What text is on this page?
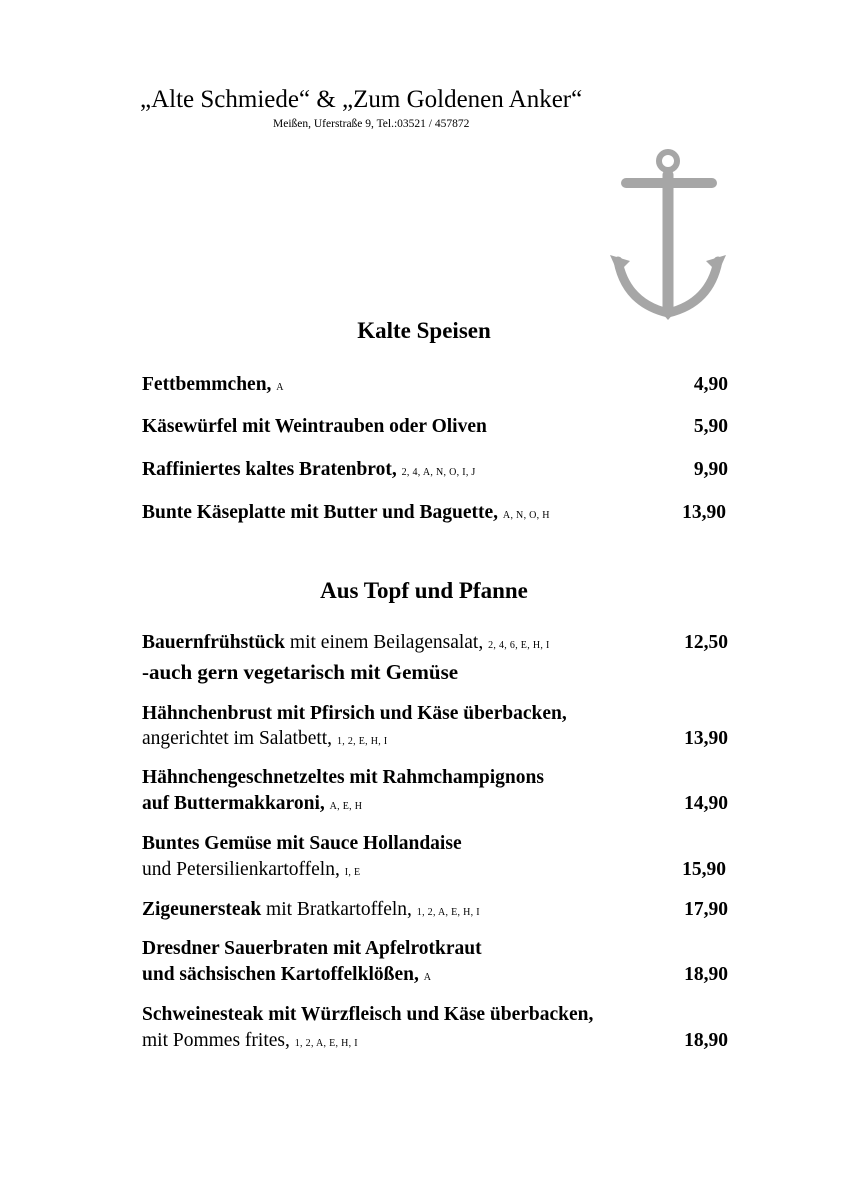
„Alte Schmiede“ & „Zum Goldenen Anker“
Meißen, Uferstraße 9, Tel.:03521 / 457872
Kalte Speisen
Fettbemmchen, A	4,90
Käsewürfel mit Weintrauben oder Oliven	5,90
Raffiniertes kaltes Bratenbrot, 2, 4, A, N, O, I, J	9,90
Bunte Käseplatte mit Butter und Baguette, A, N, O, H	13,90
Aus Topf und Pfanne
Bauernfrühstück mit einem Beilagensalat, 2, 4, 6, E, H, I	12,50
-auch gern vegetarisch mit Gemüse
Hähnchenbrust mit Pfirsich und Käse überbacken,
angerichtet im Salatbett, 1, 2, E, H, I	13,90
Hähnchengeschnetzeltes mit Rahmchampignons
auf Buttermakkaroni, A, E, H	14,90
Buntes Gemüse mit Sauce Hollandaise
und Petersilienkartoffeln, I, E	15,90
Zigeunersteak mit Bratkartoffeln, 1, 2, A, E, H, I	17,90
Dresdner Sauerbraten mit Apfelrotkraut
und sächsischen Kartoffelklößen, A	18,90
Schweinesteak mit Würzfleisch und Käse überbacken,
mit Pommes frites, 1, 2, A, E, H, I	18,90
